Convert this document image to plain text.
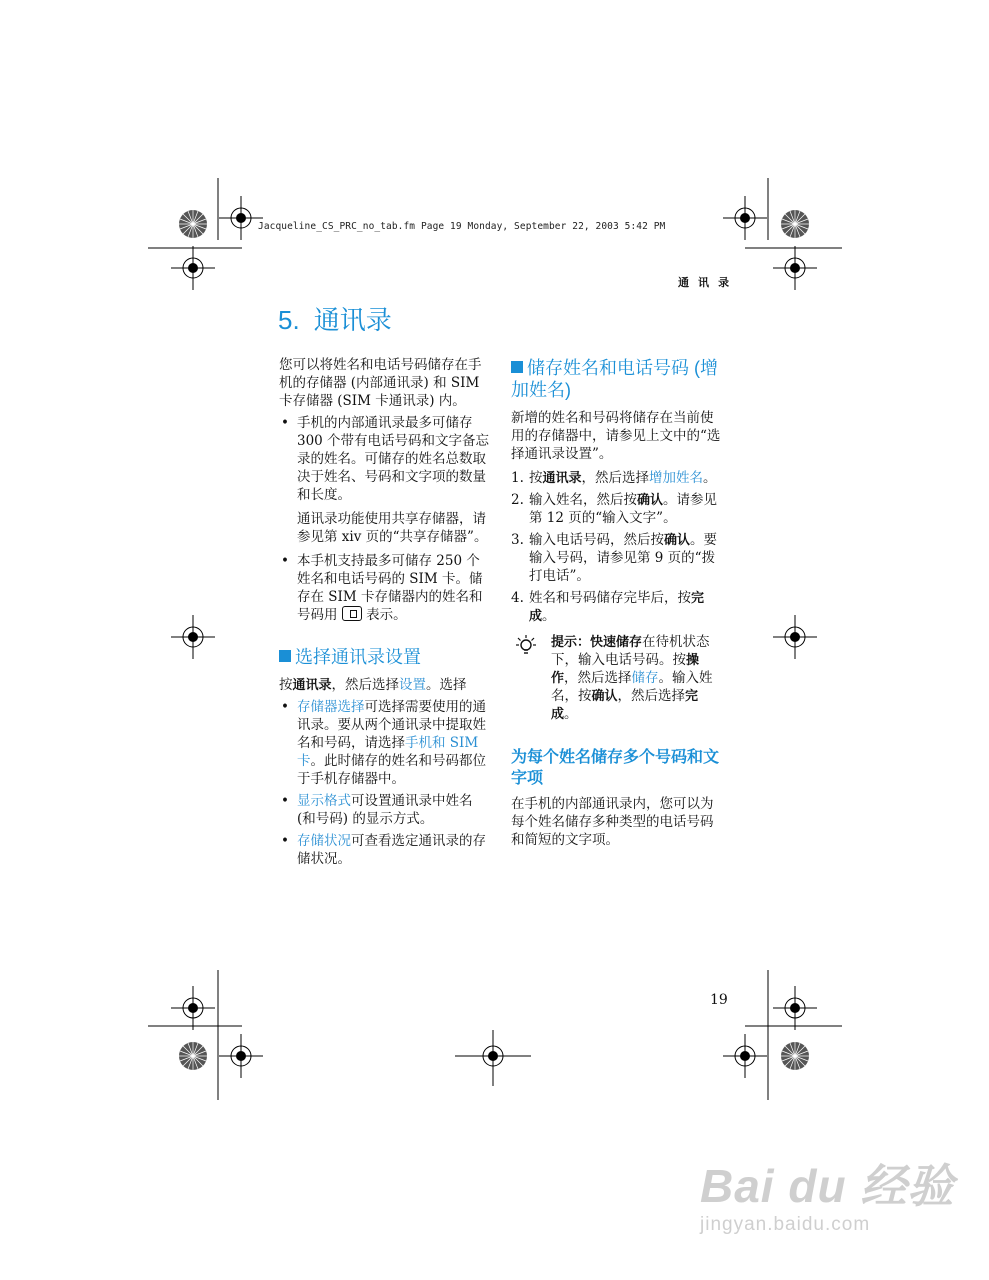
Jacqueline_CS_PRC_no_tab.fm Page 19 Monday, September 22, 2003 5:42 PM
通 讯 录
5. 通讯录
您可以将姓名和电话号码储存在手机的存储器 (内部通讯录) 和 SIM 卡存储器 (SIM 卡通讯录) 内。
• 手机的内部通讯录最多可储存 300 个带有电话号码和文字备忘录的姓名。可储存的姓名总数取决于姓名、号码和文字项的数量和长度。
通讯录功能使用共享存储器，请参见第 xiv 页的“共享存储器”。
• 本手机支持最多可储存 250 个姓名和电话号码的 SIM 卡。储存在 SIM 卡存储器内的姓名和号码用 表示。
选择通讯录设置
按通讯录，然后选择设置。选择
• 存储器选择可选择需要使用的通讯录。要从两个通讯录中提取姓名和号码，请选择手机和 SIM 卡。此时储存的姓名和号码都位于手机存储器中。
• 显示格式可设置通讯录中姓名 (和号码) 的显示方式。
• 存储状况可查看选定通讯录的存储状况。
储存姓名和电话号码 (增加姓名)
新增的姓名和号码将储存在当前使用的存储器中，请参见上文中的“选择通讯录设置”。
1. 按通讯录，然后选择增加姓名。
2. 输入姓名，然后按确认。请参见第 12 页的“输入文字”。
3. 输入电话号码，然后按确认。要输入号码，请参见第 9 页的“拨打电话”。
4. 姓名和号码储存完毕后，按完成。
提示：快速储存在待机状态下，输入电话号码。按操作，然后选择储存。输入姓名，按确认，然后选择完成。
为每个姓名储存多个号码和文字项
在手机的内部通讯录内，您可以为每个姓名储存多种类型的电话号码和简短的文字项。
19
Bai du 经验
jingyan.baidu.com
